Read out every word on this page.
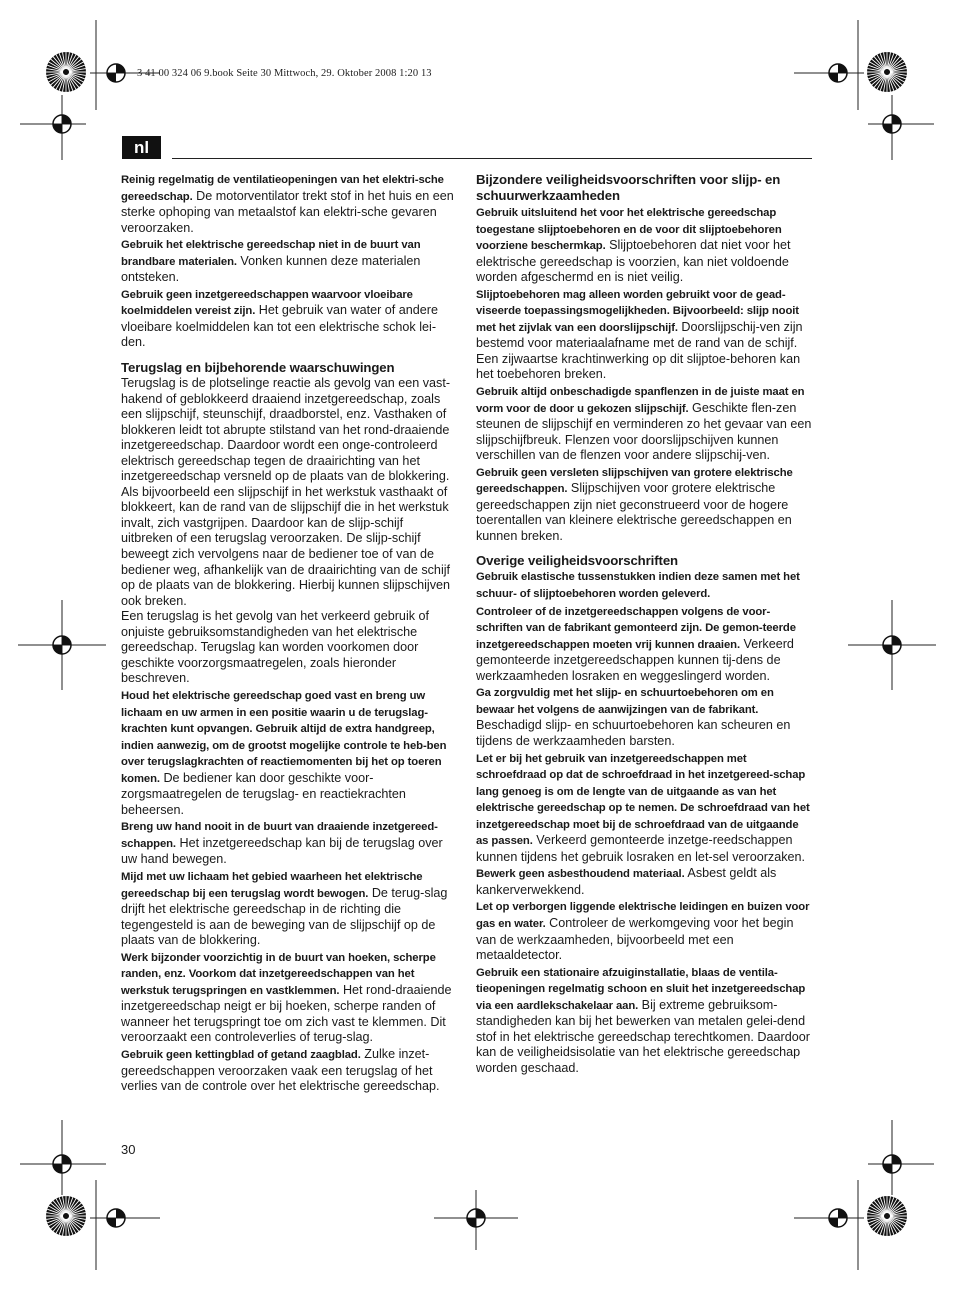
3 41 00 324 06 9.book Seite 30 Mittwoch, 29. Oktober 2008 1:20 13
nl

Reinig regelmatig de ventilatieopeningen van het elektri-sche gereedschap. De motorventilator trekt stof in het huis en een sterke ophoping van metaalstof kan elektri-sche gevaren veroorzaken.

Gebruik het elektrische gereedschap niet in de buurt van brandbare materialen. Vonken kunnen deze materialen ontsteken.

Gebruik geen inzetgereedschappen waarvoor vloeibare koelmiddelen vereist zijn. Het gebruik van water of andere vloeibare koelmiddelen kan tot een elektrische schok lei-den.

Terugslag en bijbehorende waarschuwingen

Terugslag is de plotselinge reactie als gevolg van een vast-hakend of geblokkeerd draaiend inzetgereedschap, zoals een slijpschijf, steunschijf, draadborstel, enz. Vasthaken of blokkeren leidt tot abrupte stilstand van het rond-draaiende inzetgereedschap. Daardoor wordt een onge-controleerd elektrisch gereedschap tegen de draairichting van het inzetgereedschap versneld op de plaats van de blokkering.

Als bijvoorbeeld een slijpschijf in het werkstuk vasthaakt of blokkeert, kan de rand van de slijpschijf die in het werkstuk invalt, zich vastgrijpen. Daardoor kan de slijp-schijf uitbreken of een terugslag veroorzaken. De slijp-schijf beweegt zich vervolgens naar de bediener toe of van de bediener weg, afhankelijk van de draairichting van de schijf op de plaats van de blokkering. Hierbij kunnen slijpschijven ook breken.

Een terugslag is het gevolg van het verkeerd gebruik of onjuiste gebruiksomstandigheden van het elektrische gereedschap. Terugslag kan worden voorkomen door geschikte voorzorgsmaatregelen, zoals hieronder beschreven.

Houd het elektrische gereedschap goed vast en breng uw lichaam en uw armen in een positie waarin u de terugslag-krachten kunt opvangen. Gebruik altijd de extra handgreep, indien aanwezig, om de grootst mogelijke controle te heb-ben over terugslagkrachten of reactiemomenten bij het op toeren komen. De bediener kan door geschikte voor-zorgsmaatregelen de terugslag- en reactiekrachten beheersen.

Breng uw hand nooit in de buurt van draaiende inzetgereed-schappen. Het inzetgereedschap kan bij de terugslag over uw hand bewegen.

Mijd met uw lichaam het gebied waarheen het elektrische gereedschap bij een terugslag wordt bewogen. De terug-slag drijft het elektrische gereedschap in de richting die tegengesteld is aan de beweging van de slijpschijf op de plaats van de blokkering.

Werk bijzonder voorzichtig in de buurt van hoeken, scherpe randen, enz. Voorkom dat inzetgereedschappen van het werkstuk terugspringen en vastklemmen. Het rond-draaiende inzetgereedschap neigt er bij hoeken, scherpe randen of wanneer het terugspringt toe om zich vast te klemmen. Dit veroorzaakt een controleverlies of terug-slag.

Gebruik geen kettingblad of getand zaagblad. Zulke inzet-gereedschappen veroorzaken vaak een terugslag of het verlies van de controle over het elektrische gereedschap.

Bijzondere veiligheidsvoorschriften voor slijp- en schuurwerkzaamheden

Gebruik uitsluitend het voor het elektrische gereedschap toegestane slijptoebehoren en de voor dit slijptoebehoren voorziene beschermkap. Slijptoebehoren dat niet voor het elektrische gereedschap is voorzien, kan niet voldoende worden afgeschermd en is niet veilig.

Slijptoebehoren mag alleen worden gebruikt voor de gead-viseerde toepassingsmogelijkheden. Bijvoorbeeld: slijp nooit met het zijvlak van een doorslijpschijf. Doorslijpschij-ven zijn bestemd voor materiaalafname met de rand van de schijf. Een zijwaartse krachtinwerking op dit slijptoe-behoren kan het toebehoren breken.

Gebruik altijd onbeschadigde spanflenzen in de juiste maat en vorm voor de door u gekozen slijpschijf. Geschikte flen-zen steunen de slijpschijf en verminderen zo het gevaar van een slijpschijfbreuk. Flenzen voor doorslijpschijven kunnen verschillen van de flenzen voor andere slijpschij-ven.

Gebruik geen versleten slijpschijven van grotere elektrische gereedschappen. Slijpschijven voor grotere elektrische gereedschappen zijn niet geconstrueerd voor de hogere toerentallen van kleinere elektrische gereedschappen en kunnen breken.

Overige veiligheidsvoorschriften

Gebruik elastische tussenstukken indien deze samen met het schuur- of slijptoebehoren worden geleverd.

Controleer of de inzetgereedschappen volgens de voor-schriften van de fabrikant gemonteerd zijn. De gemon-teerde inzetgereedschappen moeten vrij kunnen draaien. Verkeerd gemonteerde inzetgereedschappen kunnen tij-dens de werkzaamheden losraken en weggeslingerd worden.

Ga zorgvuldig met het slijp- en schuurtoebehoren om en bewaar het volgens de aanwijzingen van de fabrikant. Beschadigd slijp- en schuurtoebehoren kan scheuren en tijdens de werkzaamheden barsten.

Let er bij het gebruik van inzetgereedschappen met schroefdraad op dat de schroefdraad in het inzetgereed-schap lang genoeg is om de lengte van de uitgaande as van het elektrische gereedschap op te nemen. De schroefdraad van het inzetgereedschap moet bij de schroefdraad van de uitgaande as passen. Verkeerd gemonteerde inzetge-reedschappen kunnen tijdens het gebruik losraken en let-sel veroorzaken.

Bewerk geen asbesthoudend materiaal. Asbest geldt als kankerverwekkend.

Let op verborgen liggende elektrische leidingen en buizen voor gas en water. Controleer de werkomgeving voor het begin van de werkzaamheden, bijvoorbeeld met een metaaldetector.

Gebruik een stationaire afzuiginstallatie, blaas de ventila-tieopeningen regelmatig schoon en sluit het inzetgereedschap via een aardlekschakelaar aan. Bij extreme gebruiksom-standigheden kan bij het bewerken van metalen gelei-dend stof in het elektrische gereedschap terechtkomen. Daardoor kan de veiligheidsisolatie van het elektrische gereedschap worden geschaad.

30
